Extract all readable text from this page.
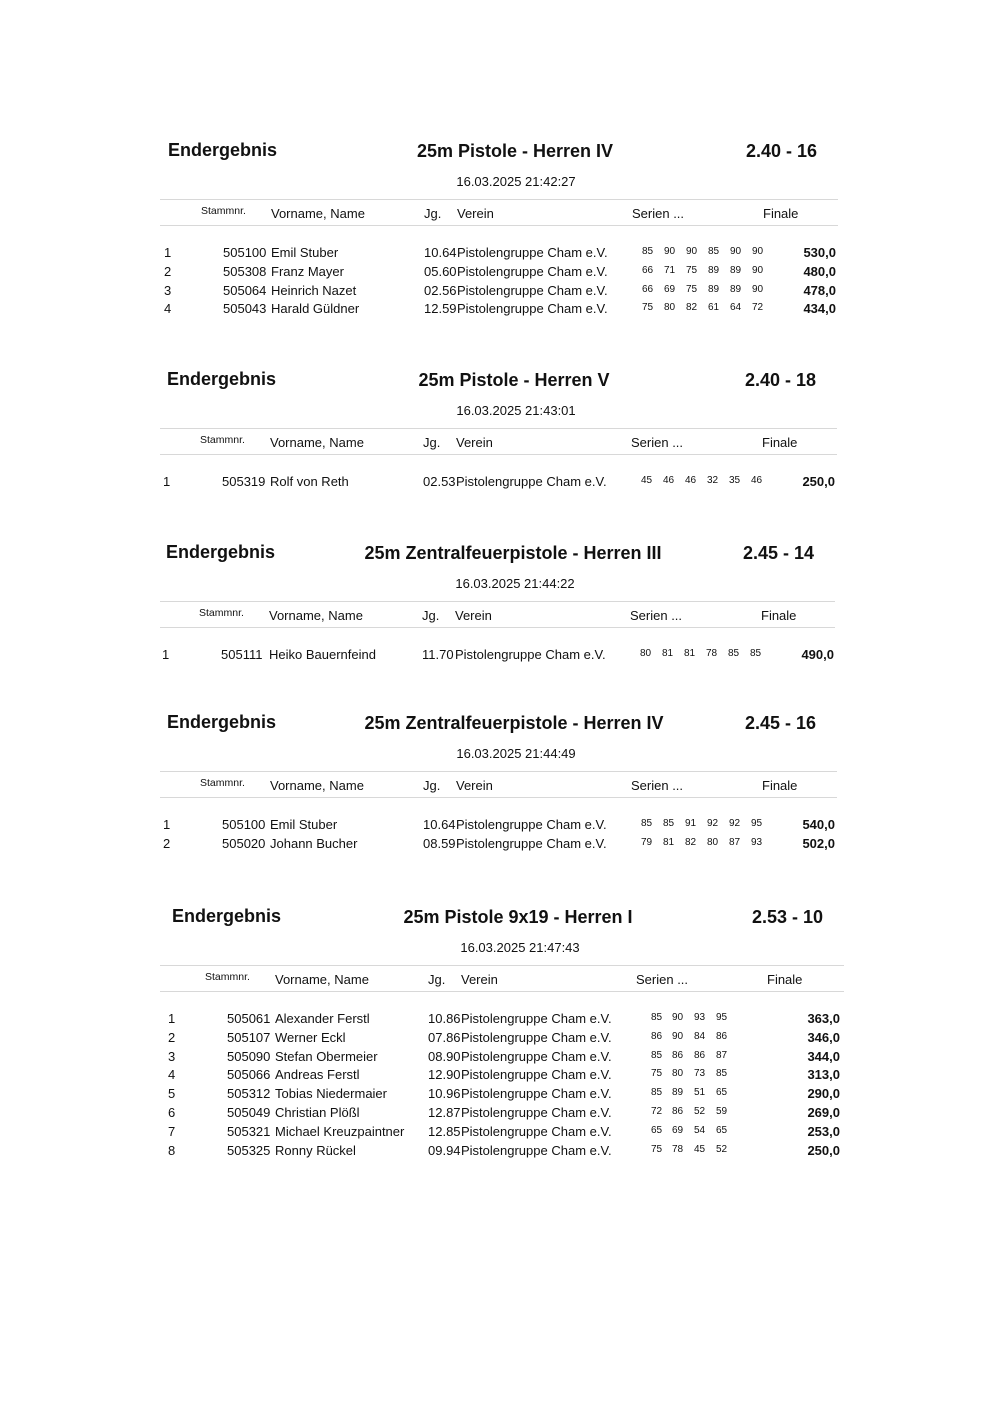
Endergebnis	25m Pistole - Herren IV	2.40 - 16
16.03.2025 21:42:27
Stammnr. Vorname, Name	Jg. Verein	Serien ...	Finale
1	505100 Emil Stuber	10.64 Pistolengruppe Cham e.V.	85 90 90 85 90 90	530,0
2	505308 Franz Mayer	05.60 Pistolengruppe Cham e.V.	66 71 75 89 89 90	480,0
3	505064 Heinrich Nazet	02.56 Pistolengruppe Cham e.V.	66 69 75 89 89 90	478,0
4	505043 Harald Güldner	12.59 Pistolengruppe Cham e.V.	75 80 82 61 64 72	434,0
Endergebnis	25m Pistole - Herren V	2.40 - 18
16.03.2025 21:43:01
Stammnr. Vorname, Name	Jg. Verein	Serien ...	Finale
1	505319 Rolf von Reth	02.53 Pistolengruppe Cham e.V.	45 46 46 32 35 46	250,0
Endergebnis	25m Zentralfeuerpistole - Herren III	2.45 - 14
16.03.2025 21:44:22
Stammnr. Vorname, Name	Jg. Verein	Serien ...	Finale
1	505111 Heiko Bauernfeind	11.70 Pistolengruppe Cham e.V.	80 81 81 78 85 85	490,0
Endergebnis	25m Zentralfeuerpistole - Herren IV	2.45 - 16
16.03.2025 21:44:49
Stammnr. Vorname, Name	Jg. Verein	Serien ...	Finale
1	505100 Emil Stuber	10.64 Pistolengruppe Cham e.V.	85 85 91 92 92 95	540,0
2	505020 Johann Bucher	08.59 Pistolengruppe Cham e.V.	79 81 82 80 87 93	502,0
Endergebnis	25m Pistole 9x19 - Herren I	2.53 - 10
16.03.2025 21:47:43
Stammnr. Vorname, Name	Jg. Verein	Serien ...	Finale
1	505061 Alexander Ferstl	10.86 Pistolengruppe Cham e.V.	85 90 93 95	363,0
2	505107 Werner Eckl	07.86 Pistolengruppe Cham e.V.	86 90 84 86	346,0
3	505090 Stefan Obermeier	08.90 Pistolengruppe Cham e.V.	85 86 86 87	344,0
4	505066 Andreas Ferstl	12.90 Pistolengruppe Cham e.V.	75 80 73 85	313,0
5	505312 Tobias Niedermaier	10.96 Pistolengruppe Cham e.V.	85 89 51 65	290,0
6	505049 Christian Plößl	12.87 Pistolengruppe Cham e.V.	72 86 52 59	269,0
7	505321 Michael Kreuzpaintner 12.85 Pistolengruppe Cham e.V.	65 69 54 65	253,0
8	505325 Ronny Rückel	09.94 Pistolengruppe Cham e.V.	75 78 45 52	250,0
